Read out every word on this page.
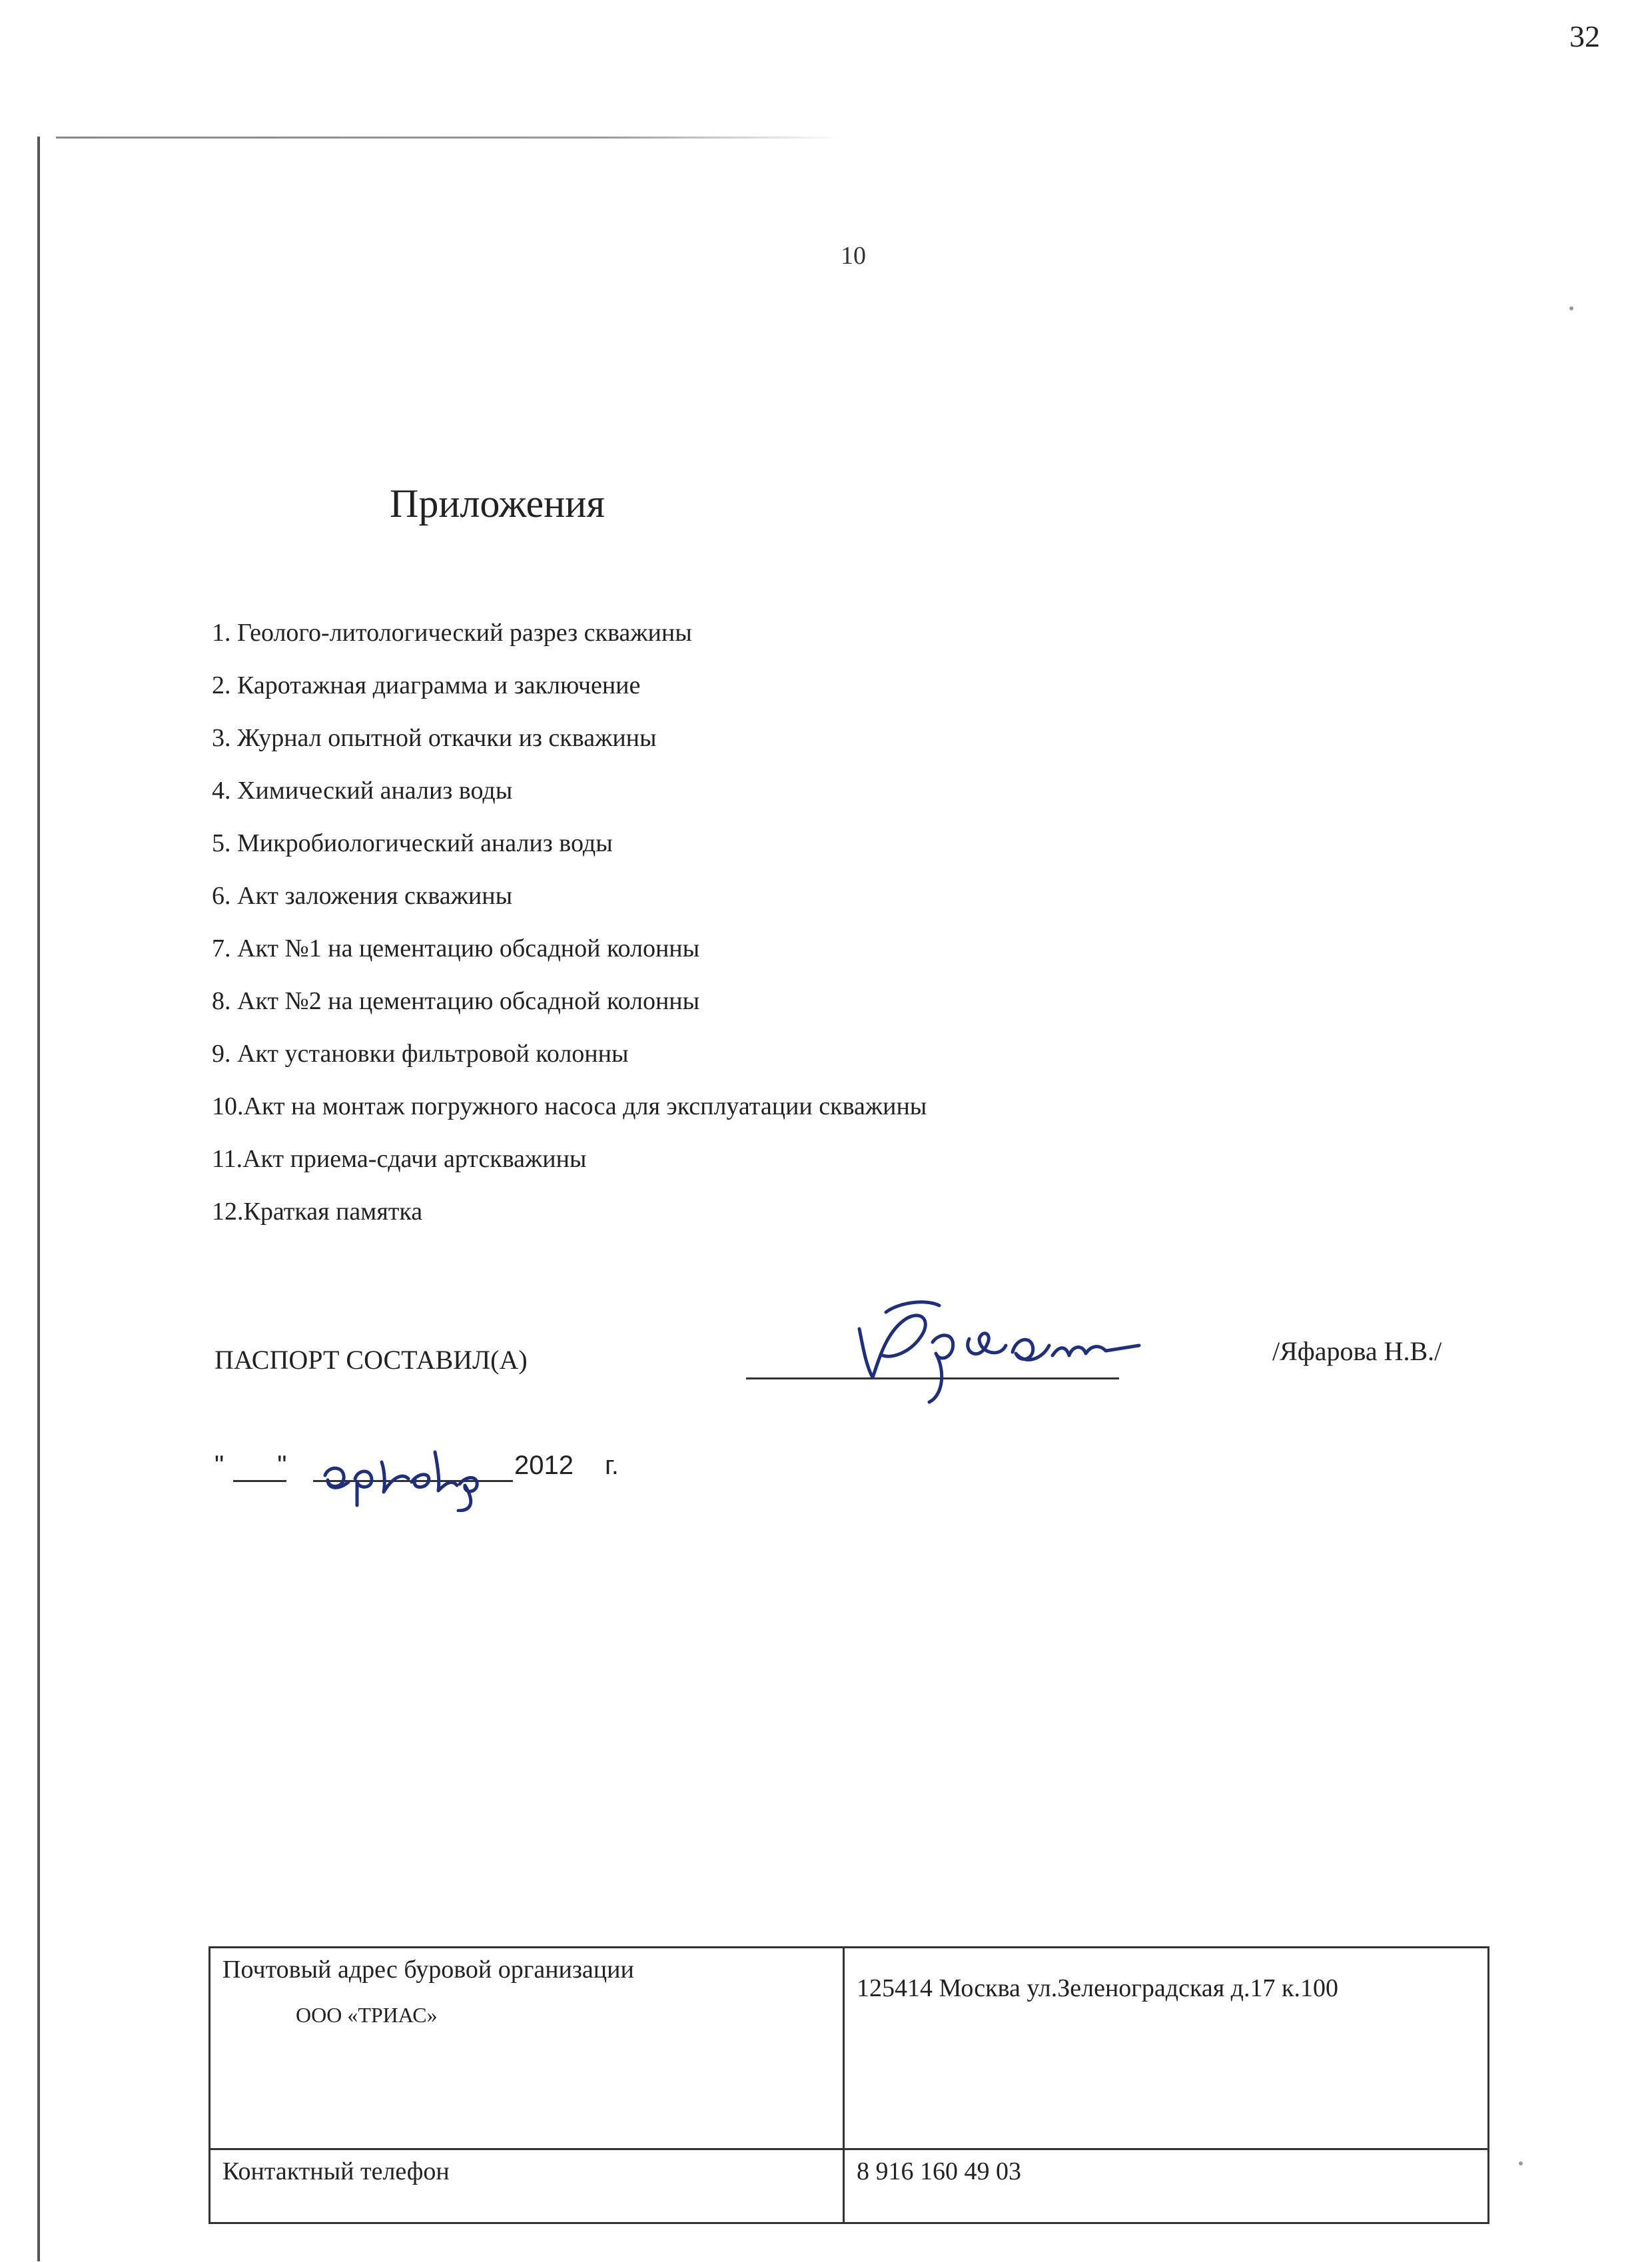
32
10
Приложения
1. Геолого-литологический разрез скважины
2. Каротажная диаграмма и заключение
3. Журнал опытной откачки из скважины
4. Химический анализ воды
5. Микробиологический анализ воды
6. Акт заложения скважины
7. Акт №1 на цементацию обсадной колонны
8. Акт №2 на цементацию обсадной колонны
9. Акт установки фильтровой колонны
10.Акт на монтаж погружного насоса для эксплуатации скважины
11.Акт приема-сдачи артскважины
12.Краткая памятка
ПАСПОРТ СОСТАВИЛ(А)	/Яфарова Н.В./
" "	2012 г.
Почтовый адрес буровой организации
ООО «ТРИАС»	125414 Москва ул.Зеленоградская д.17 к.100
Контактный телефон	8 916 160 49 03
